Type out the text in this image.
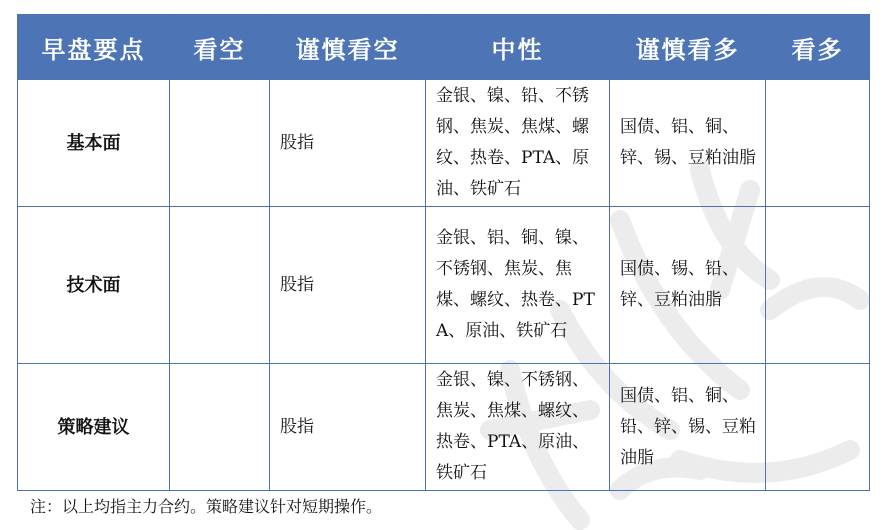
早盘要点	看空	谨慎看空	中性	谨慎看多	看多
基本面		股指	金银、镍、铅、不锈钢、焦炭、焦煤、螺纹、热卷、PTA、原油、铁矿石	国债、铝、铜、锌、锡、豆粕油脂	
技术面		股指	金银、铝、铜、镍、不锈钢、焦炭、焦煤、螺纹、热卷、PTA、原油、铁矿石	国债、锡、铅、锌、豆粕油脂	
策略建议		股指	金银、镍、不锈钢、焦炭、焦煤、螺纹、热卷、PTA、原油、铁矿石	国债、铝、铜、铅、锌、锡、豆粕油脂	
注：以上均指主力合约。策略建议针对短期操作。
